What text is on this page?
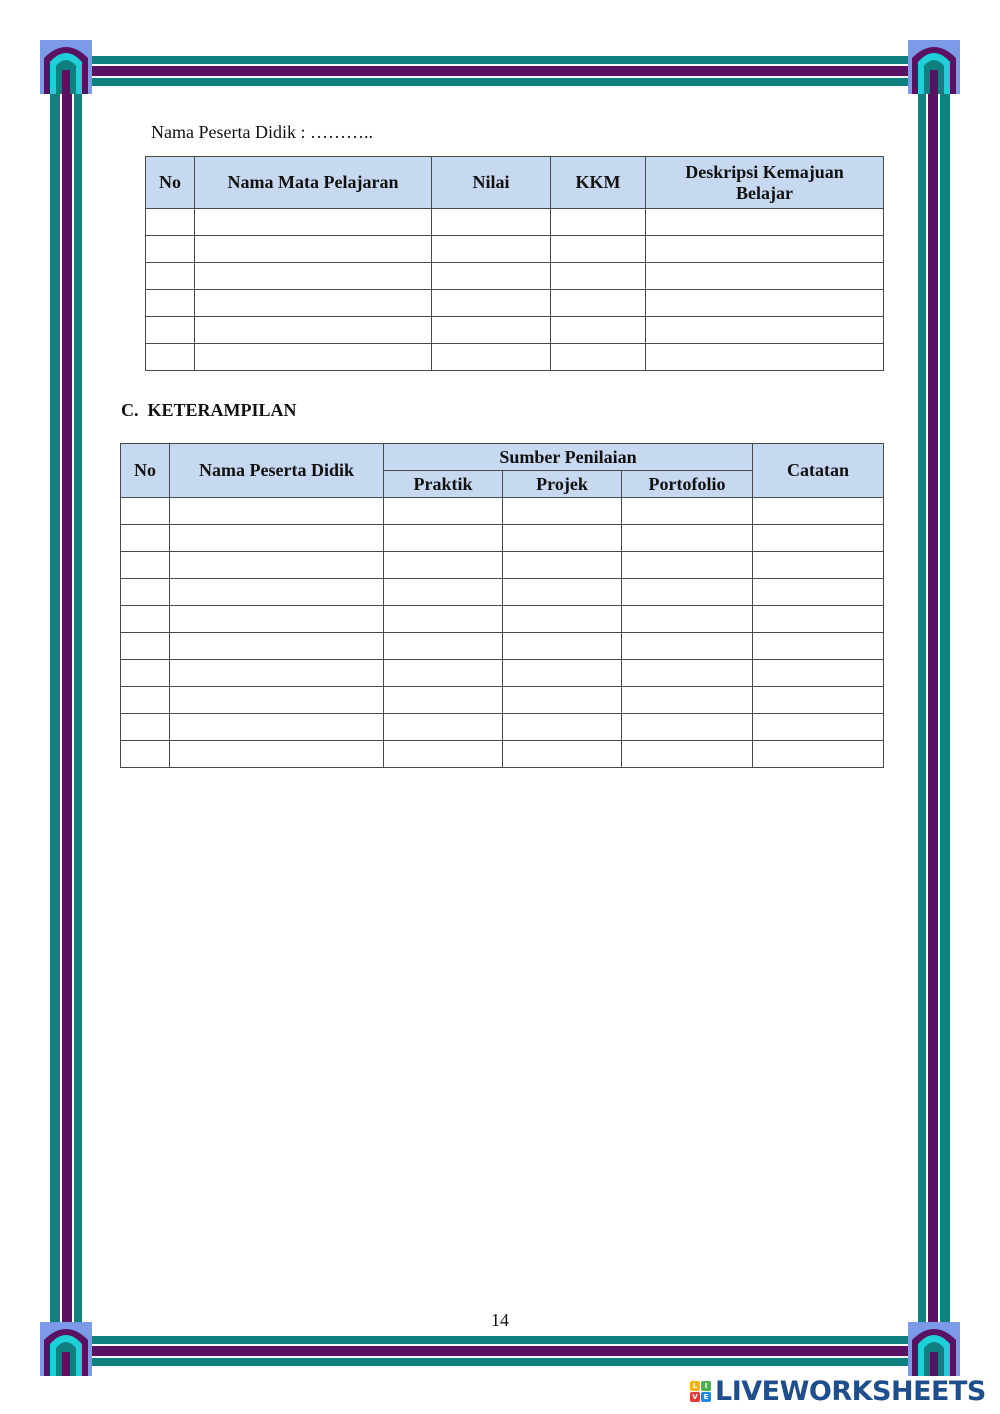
Nama Peserta Didik : ………..
No	Nama Mata Pelajaran	Nilai	KKM	Deskripsi Kemajuan Belajar

C.  KETERAMPILAN
No	Nama Peserta Didik	Sumber Penilaian			Catatan
		Praktik	Projek	Portofolio	

14
L	I
V E LIVEWORKSHEETS
